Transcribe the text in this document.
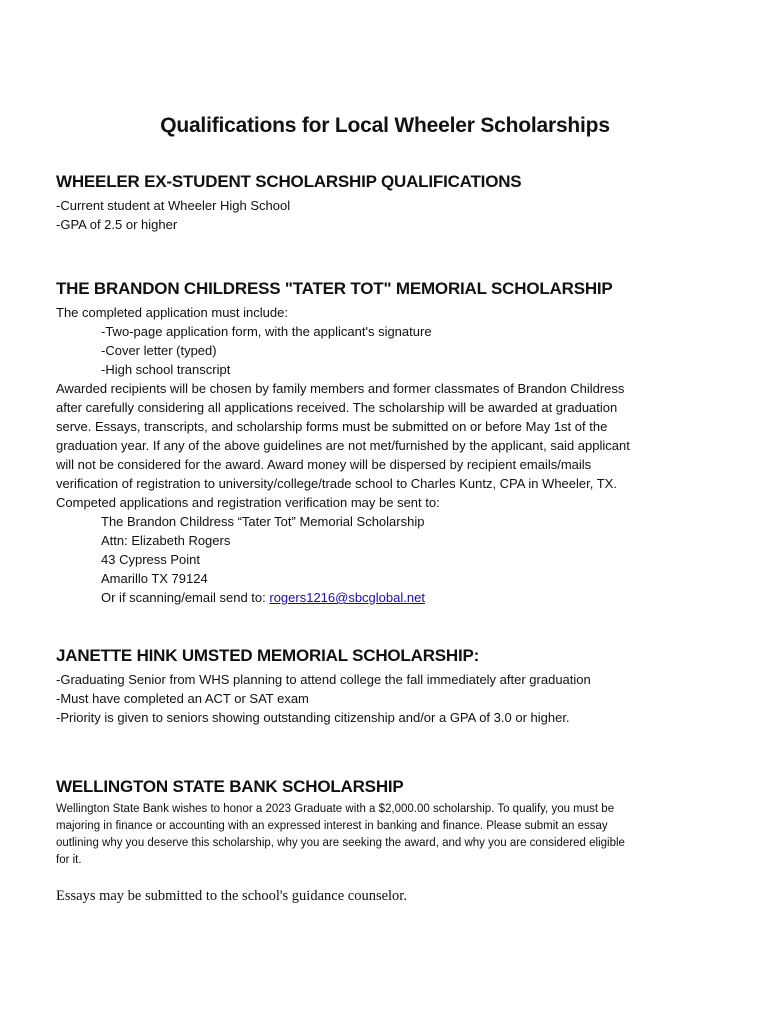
Qualifications for Local Wheeler Scholarships
WHEELER EX-STUDENT SCHOLARSHIP QUALIFICATIONS
-Current student at Wheeler High School
-GPA of 2.5 or higher
THE BRANDON CHILDRESS "TATER TOT" MEMORIAL SCHOLARSHIP
The completed application must include:
-Two-page application form, with the applicant's signature
-Cover letter (typed)
-High school transcript
Awarded recipients will be chosen by family members and former classmates of Brandon Childress
after carefully considering all applications received. The scholarship will be awarded at graduation
serve. Essays, transcripts, and scholarship forms must be submitted on or before May 1st of the
graduation year. If any of the above guidelines are not met/furnished by the applicant, said applicant
will not be considered for the award. Award money will be dispersed by recipient emails/mails
verification of registration to university/college/trade school to Charles Kuntz, CPA in Wheeler, TX.
Competed applications and registration verification may be sent to:
The Brandon Childress “Tater Tot” Memorial Scholarship
Attn: Elizabeth Rogers
43 Cypress Point
Amarillo TX 79124
Or if scanning/email send to: rogers1216@sbcglobal.net
JANETTE HINK UMSTED MEMORIAL SCHOLARSHIP:
-Graduating Senior from WHS planning to attend college the fall immediately after graduation
-Must have completed an ACT or SAT exam
-Priority is given to seniors showing outstanding citizenship and/or a GPA of 3.0 or higher.
WELLINGTON STATE BANK SCHOLARSHIP
Wellington State Bank wishes to honor a 2023 Graduate with a $2,000.00 scholarship. To qualify, you must be
majoring in finance or accounting with an expressed interest in banking and finance. Please submit an essay
outlining why you deserve this scholarship, why you are seeking the award, and why you are considered eligible
for it.
Essays may be submitted to the school's guidance counselor.
